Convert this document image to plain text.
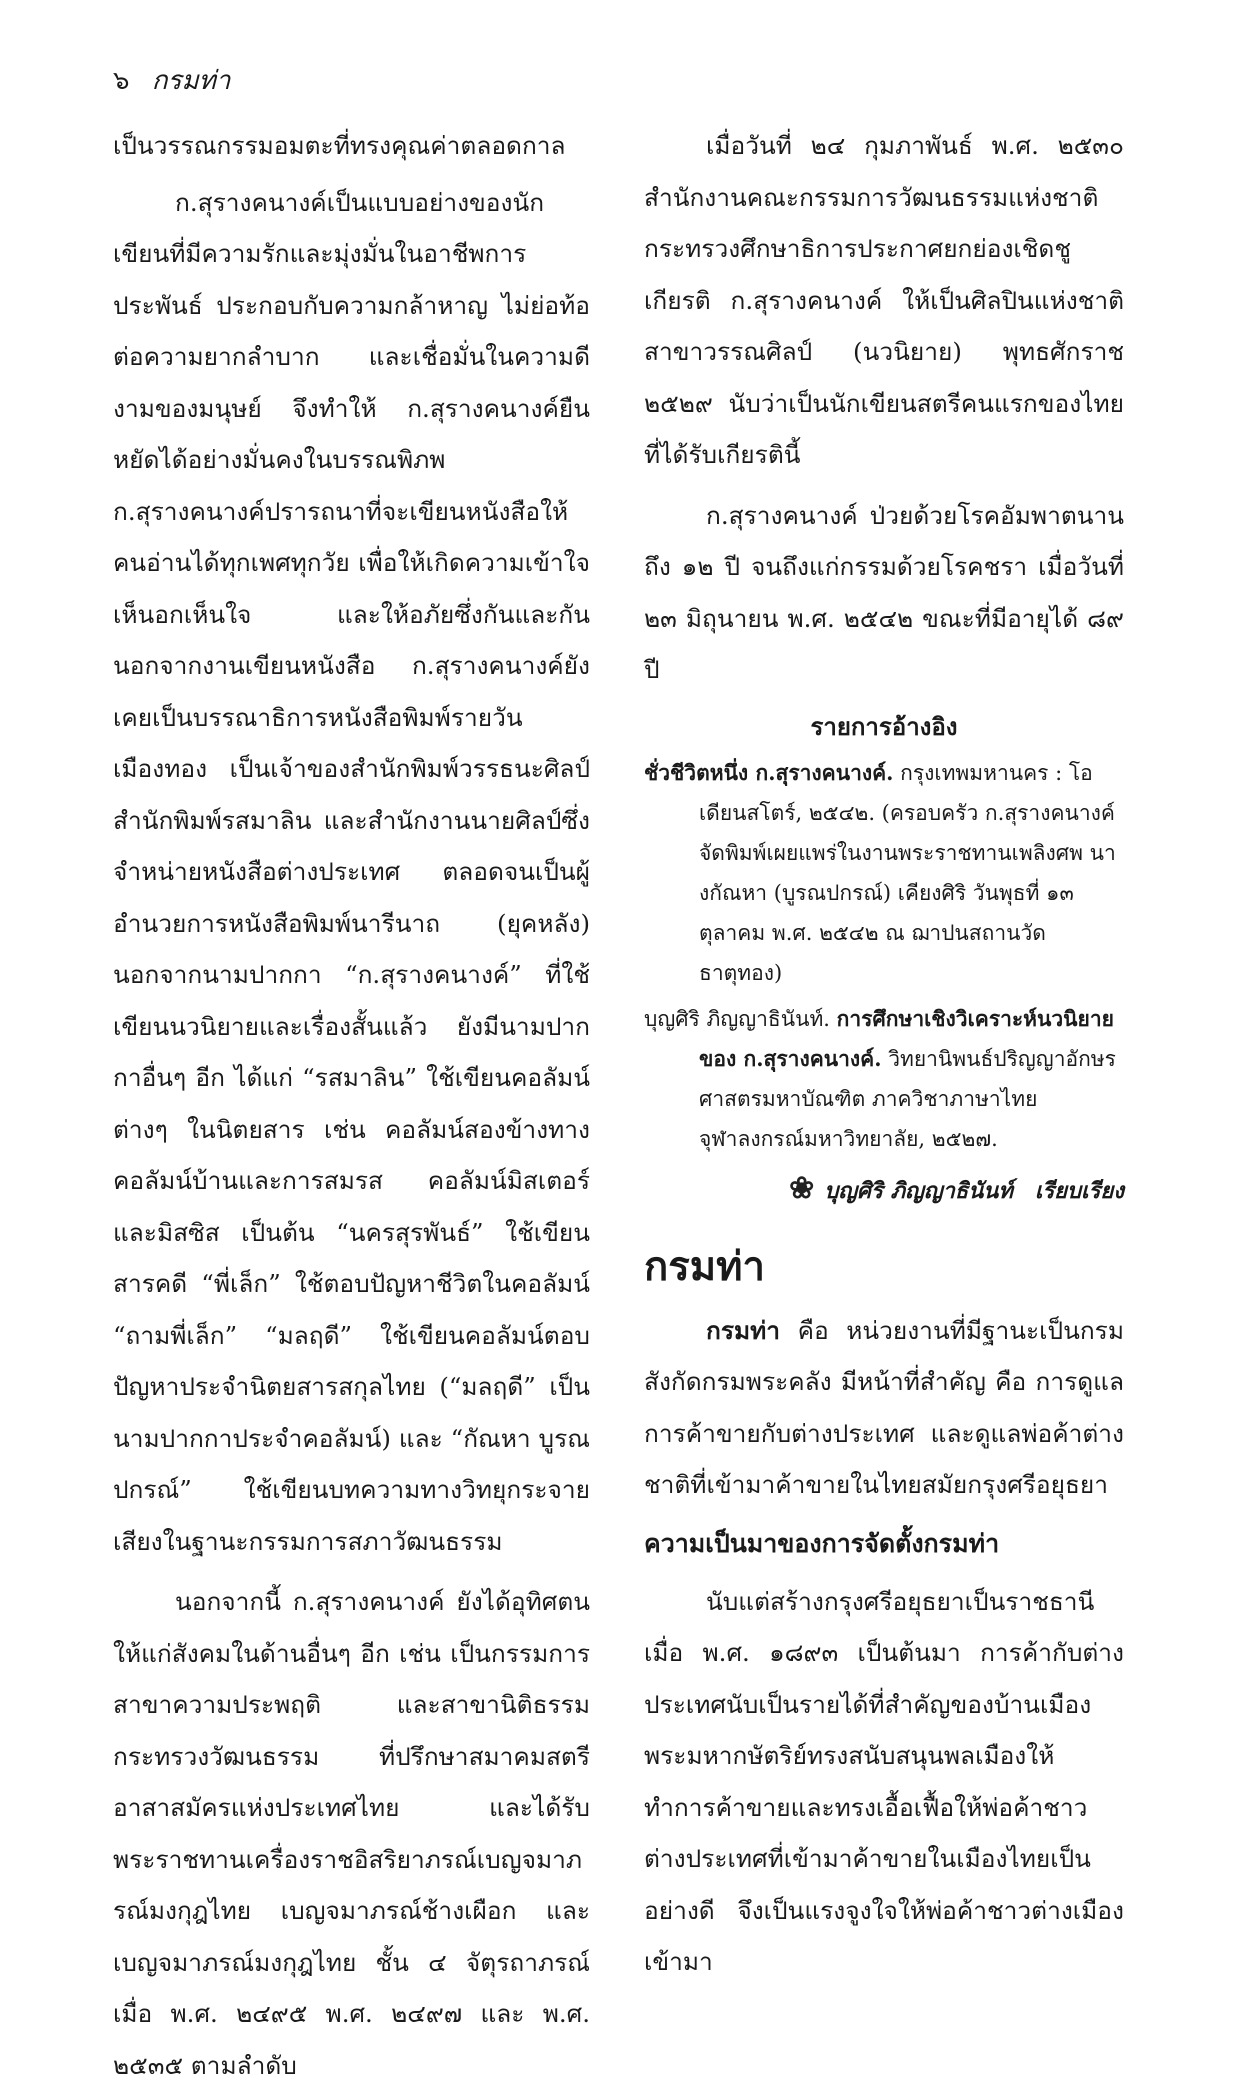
๖ กรมท่า

เป็นวรรณกรรมอมตะที่ทรงคุณค่าตลอดกาล

ก.สุรางคนางค์เป็นแบบอย่างของนักเขียนที่มีความรักและมุ่งมั่นในอาชีพการประพันธ์ ประกอบกับความกล้าหาญ ไม่ย่อท้อต่อความยากลำบาก และเชื่อมั่นในความดีงามของมนุษย์ จึงทำให้ ก.สุรางคนางค์ยืนหยัดได้อย่างมั่นคงในบรรณพิภพ ก.สุรางคนางค์ปรารถนาที่จะเขียนหนังสือให้คนอ่านได้ทุกเพศทุกวัย เพื่อให้เกิดความเข้าใจ เห็นอกเห็นใจ และให้อภัยซึ่งกันและกัน นอกจากงานเขียนหนังสือ ก.สุรางคนางค์ยังเคยเป็นบรรณาธิการหนังสือพิมพ์รายวันเมืองทอง เป็นเจ้าของสำนักพิมพ์วรรธนะศิลป์ สำนักพิมพ์รสมาลิน และสำนักงานนายศิลป์ซึ่งจำหน่ายหนังสือต่างประเทศ ตลอดจนเป็นผู้อำนวยการหนังสือพิมพ์นารีนาถ (ยุคหลัง) นอกจากนามปากกา “ก.สุรางคนางค์” ที่ใช้เขียนนวนิยายและเรื่องสั้นแล้ว ยังมีนามปากกาอื่นๆ อีก ได้แก่ “รสมาลิน” ใช้เขียนคอลัมน์ต่างๆ ในนิตยสาร เช่น คอลัมน์สองข้างทาง คอลัมน์บ้านและการสมรส คอลัมน์มิสเตอร์และมิสซิส เป็นต้น “นครสุรพันธ์” ใช้เขียนสารคดี “พี่เล็ก” ใช้ตอบปัญหาชีวิตในคอลัมน์ “ถามพี่เล็ก” “มลฤดี” ใช้เขียนคอลัมน์ตอบปัญหาประจำนิตยสารสกุลไทย (“มลฤดี” เป็นนามปากกาประจำคอลัมน์) และ “กัณหา บูรณปกรณ์” ใช้เขียนบทความทางวิทยุกระจายเสียงในฐานะกรรมการสภาวัฒนธรรม

นอกจากนี้ ก.สุรางคนางค์ ยังได้อุทิศตนให้แก่สังคมในด้านอื่นๆ อีก เช่น เป็นกรรมการสาขาความประพฤติ และสาขานิติธรรม กระทรวงวัฒนธรรม ที่ปรึกษาสมาคมสตรีอาสาสมัครแห่งประเทศไทย และได้รับพระราชทานเครื่องราชอิสริยาภรณ์เบญจมาภรณ์มงกุฎไทย เบญจมาภรณ์ช้างเผือก และเบญจมาภรณ์มงกุฎไทย ชั้น ๔ จัตุรถาภรณ์ เมื่อ พ.ศ. ๒๔๙๕ พ.ศ. ๒๔๙๗ และ พ.ศ. ๒๕๓๕ ตามลำดับ

เมื่อวันที่ ๒๔ กุมภาพันธ์ พ.ศ. ๒๕๓๐ สำนักงานคณะกรรมการวัฒนธรรมแห่งชาติ กระทรวงศึกษาธิการประกาศยกย่องเชิดชูเกียรติ ก.สุรางคนางค์ ให้เป็นศิลปินแห่งชาติ สาขาวรรณศิลป์ (นวนิยาย) พุทธศักราช ๒๕๒๙ นับว่าเป็นนักเขียนสตรีคนแรกของไทยที่ได้รับเกียรตินี้

ก.สุรางคนางค์ ป่วยด้วยโรคอัมพาตนานถึง ๑๒ ปี จนถึงแก่กรรมด้วยโรคชรา เมื่อวันที่ ๒๓ มิถุนายน พ.ศ. ๒๕๔๒ ขณะที่มีอายุได้ ๘๙ ปี

รายการอ้างอิง
ชั่วชีวิตหนึ่ง ก.สุรางคนางค์. กรุงเทพมหานคร : โอเดียนสโตร์, ๒๕๔๒. (ครอบครัว ก.สุรางคนางค์ จัดพิมพ์เผยแพร่ในงานพระราชทานเพลิงศพ นางกัณหา (บูรณปกรณ์) เคียงศิริ วันพุธที่ ๑๓ ตุลาคม พ.ศ. ๒๕๔๒ ณ ฌาปนสถานวัดธาตุทอง)
บุญศิริ ภิญญาธินันท์. การศึกษาเชิงวิเคราะห์นวนิยายของ ก.สุรางคนางค์. วิทยานิพนธ์ปริญญาอักษรศาสตรมหาบัณฑิต ภาควิชาภาษาไทย จุฬาลงกรณ์มหาวิทยาลัย, ๒๕๒๗.
❀ บุญศิริ ภิญญาธินันท์ เรียบเรียง
กรมท่า

กรมท่า คือ หน่วยงานที่มีฐานะเป็นกรม สังกัดกรมพระคลัง มีหน้าที่สำคัญ คือ การดูแลการค้าขายกับต่างประเทศ และดูแลพ่อค้าต่างชาติที่เข้ามาค้าขายในไทยสมัยกรุงศรีอยุธยา

ความเป็นมาของการจัดตั้งกรมท่า

นับแต่สร้างกรุงศรีอยุธยาเป็นราชธานี เมื่อ พ.ศ. ๑๘๙๓ เป็นต้นมา การค้ากับต่างประเทศนับเป็นรายได้ที่สำคัญของบ้านเมือง พระมหากษัตริย์ทรงสนับสนุนพลเมืองให้ทำการค้าขายและทรงเอื้อเฟื้อให้พ่อค้าชาวต่างประเทศที่เข้ามาค้าขายในเมืองไทยเป็นอย่างดี จึงเป็นแรงจูงใจให้พ่อค้าชาวต่างเมืองเข้ามา
